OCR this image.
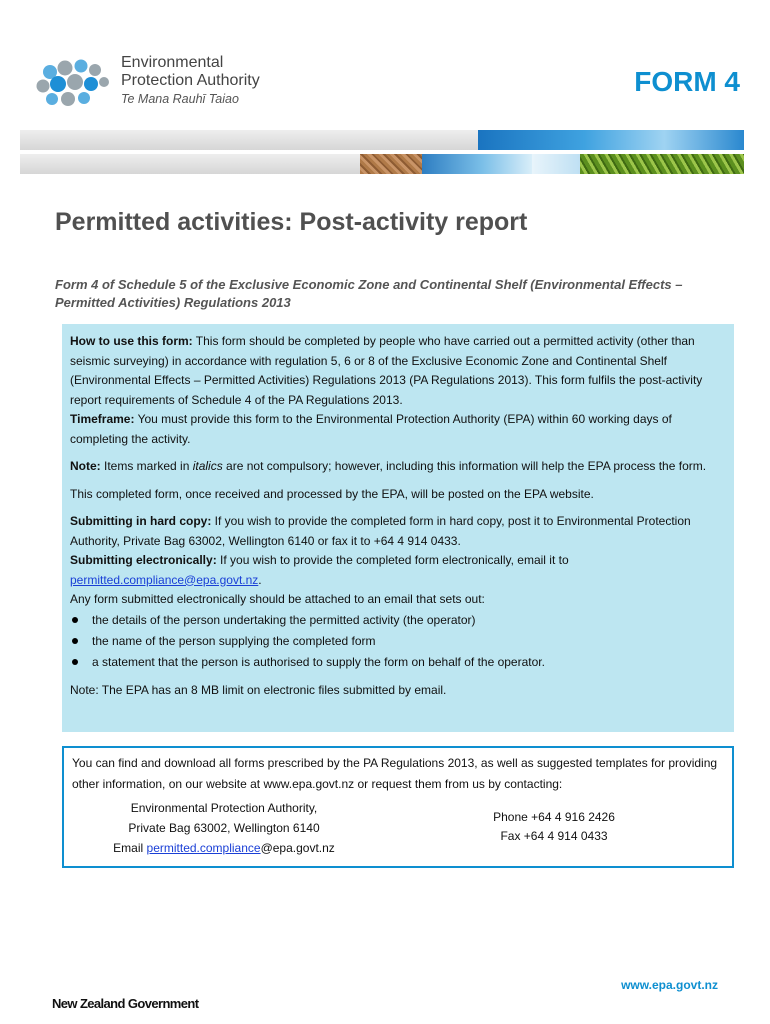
Environmental
Protection Authority
Te Mana Rauhī Taiao
FORM 4
Permitted activities: Post-activity report

Form 4 of Schedule 5 of the Exclusive Economic Zone and Continental Shelf (Environmental Effects – Permitted Activities) Regulations 2013

How to use this form: This form should be completed by people who have carried out a permitted activity (other than seismic surveying) in accordance with regulation 5, 6 or 8 of the Exclusive Economic Zone and Continental Shelf (Environmental Effects – Permitted Activities) Regulations 2013 (PA Regulations 2013). This form fulfils the post-activity report requirements of Schedule 4 of the PA Regulations 2013.

Timeframe: You must provide this form to the Environmental Protection Authority (EPA) within 60 working days of completing the activity.

Note: Items marked in italics are not compulsory; however, including this information will help the EPA process the form.

This completed form, once received and processed by the EPA, will be posted on the EPA website.

Submitting in hard copy: If you wish to provide the completed form in hard copy, post it to Environmental Protection Authority, Private Bag 63002, Wellington 6140 or fax it to +64 4 914 0433.

Submitting electronically: If you wish to provide the completed form electronically, email it to
permitted.compliance@epa.govt.nz.

Any form submitted electronically should be attached to an email that sets out:

the details of the person undertaking the permitted activity (the operator)
the name of the person supplying the completed form
a statement that the person is authorised to supply the form on behalf of the operator.

Note: The EPA has an 8 MB limit on electronic files submitted by email.

You can find and download all forms prescribed by the PA Regulations 2013, as well as suggested templates for providing other information, on our website at www.epa.govt.nz or request them from us by contacting:

Environmental Protection Authority,
Private Bag 63002, Wellington 6140
Email permitted.compliance@epa.govt.nz
Phone +64 4 916 2426
Fax +64 4 914 0433
www.epa.govt.nz
New Zealand Government
